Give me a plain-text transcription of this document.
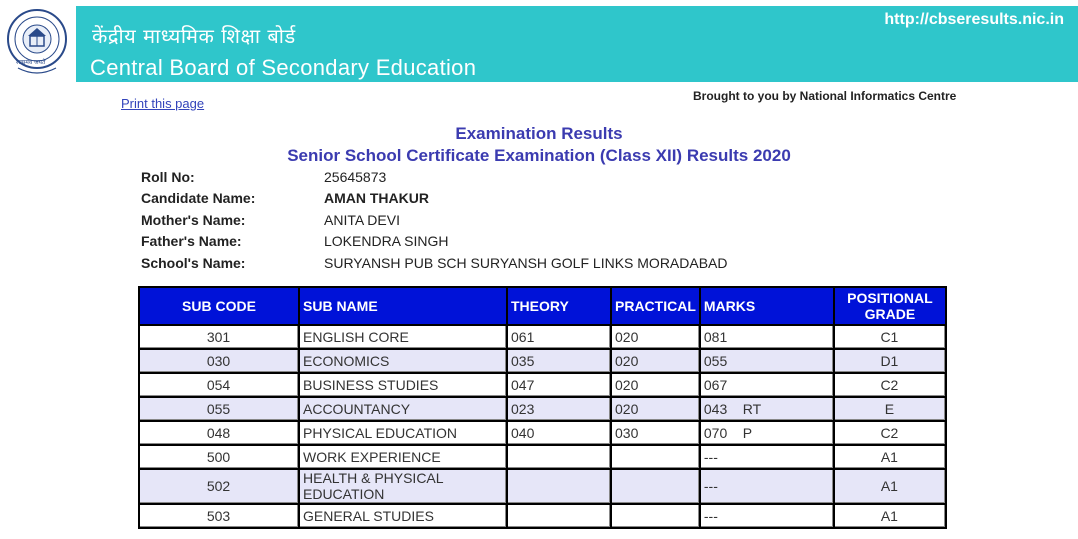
सत्यमेव जयते
केंद्रीय माध्यमिक शिक्षा बोर्ड
Central Board of Secondary Education
http://cbseresults.nic.in
Print this page	Brought to you by National Informatics Centre
Examination Results
Senior School Certificate Examination (Class XII) Results 2020
Roll No:	25645873
Candidate Name:	AMAN THAKUR
Mother's Name:	ANITA DEVI
Father's Name:	LOKENDRA SINGH
School's Name:	SURYANSH PUB SCH SURYANSH GOLF LINKS MORADABAD
SUB CODE	SUB NAME	THEORY	PRACTICAL	MARKS	POSITIONAL GRADE
301	ENGLISH CORE	061	020	081	C1
030	ECONOMICS	035	020	055	D1
054	BUSINESS STUDIES	047	020	067	C2
055	ACCOUNTANCY	023	020	043    RT	E
048	PHYSICAL EDUCATION	040	030	070    P	C2
500	WORK EXPERIENCE			---	A1
502	HEALTH & PHYSICAL EDUCATION			---	A1
503	GENERAL STUDIES			---	A1
